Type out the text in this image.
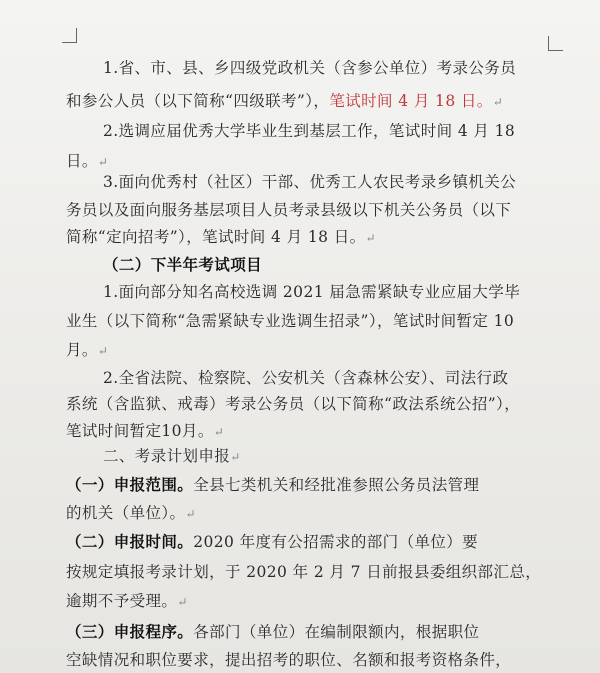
1.省、市、县、乡四级党政机关（含参公单位）考录公务员
和参公人员（以下简称“四级联考”），笔试时间 4 月 18 日。↵
2.选调应届优秀大学毕业生到基层工作，笔试时间 4 月 18
日。↵
3.面向优秀村（社区）干部、优秀工人农民考录乡镇机关公
务员以及面向服务基层项目人员考录县级以下机关公务员（以下
简称“定向招考”），笔试时间 4 月 18 日。↵
（二）下半年考试项目
1.面向部分知名高校选调 2021 届急需紧缺专业应届大学毕
业生（以下简称“急需紧缺专业选调生招录”），笔试时间暂定 10
月。↵
2.全省法院、检察院、公安机关（含森林公安）、司法行政
系统（含监狱、戒毒）考录公务员（以下简称“政法系统公招”），
笔试时间暂定10月。↵
二、考录计划申报↵
（一）申报范围。全县七类机关和经批准参照公务员法管理
的机关（单位）。↵
（二）申报时间。2020 年度有公招需求的部门（单位）要
按规定填报考录计划，于 2020 年 2 月 7 日前报县委组织部汇总，
逾期不予受理。↵
（三）申报程序。各部门（单位）在编制限额内，根据职位
空缺情况和职位要求，提出招考的职位、名额和报考资格条件，
